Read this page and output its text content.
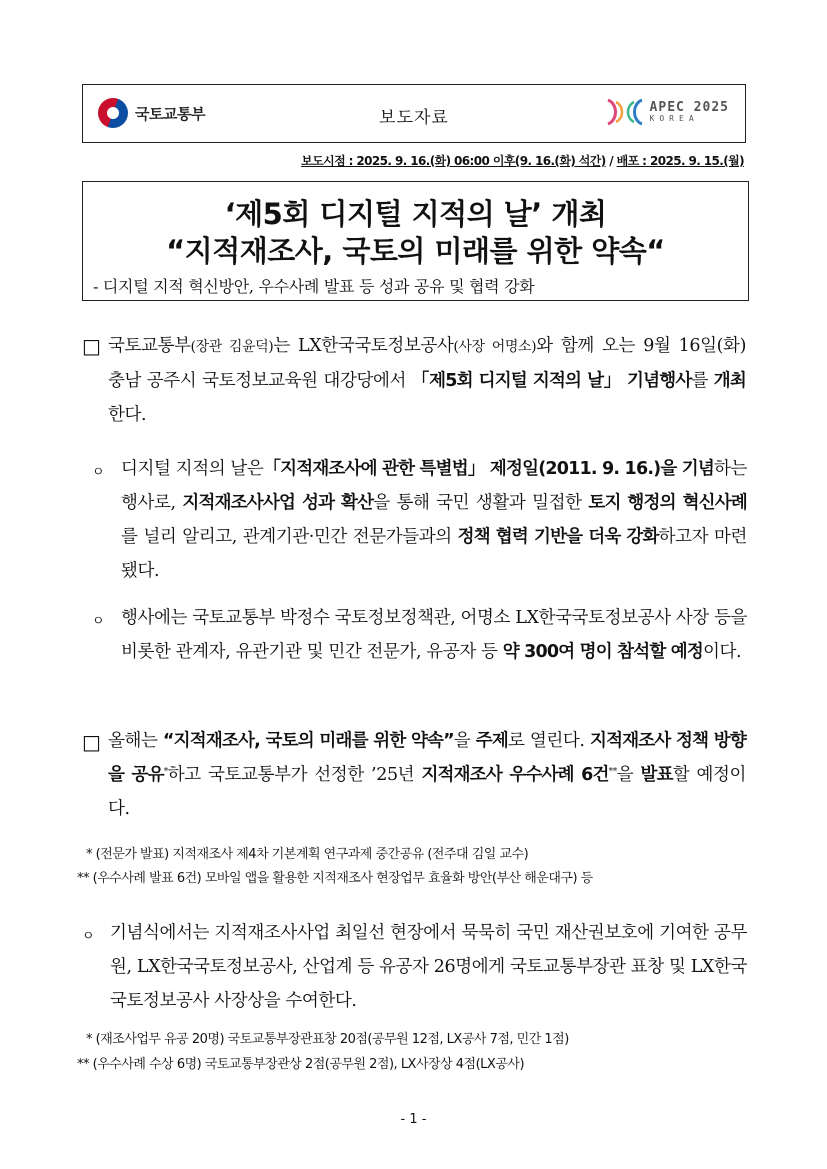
국토교통부	보도자료
APEC 2025
KOREA
보도시점 : 2025. 9. 16.(화) 06:00 이후(9. 16.(화) 석간) / 배포 : 2025. 9. 15.(월)
‘제5회 디지털 지적의 날’ 개최
“지적재조사, 국토의 미래를 위한 약속“
- 디지털 지적 혁신방안, 우수사례 발표 등 성과 공유 및 협력 강화
□ 국토교통부(장관 김윤덕)는 LX한국국토정보공사(사장 어명소)와 함께 오는 9월 16일(화) 충남 공주시 국토정보교육원 대강당에서 「제5회 디지털 지적의 날」 기념행사를 개최한다.
ㅇ 디지털 지적의 날은「지적재조사에 관한 특별법」 제정일(2011. 9. 16.)을 기념하는 행사로, 지적재조사사업 성과 확산을 통해 국민 생활과 밀접한 토지 행정의 혁신사례를 널리 알리고, 관계기관·민간 전문가들과의 정책 협력 기반을 더욱 강화하고자 마련됐다.
ㅇ 행사에는 국토교통부 박정수 국토정보정책관, 어명소 LX한국국토정보공사 사장 등을 비롯한 관계자, 유관기관 및 민간 전문가, 유공자 등 약 300여 명이 참석할 예정이다.
□ 올해는 “지적재조사, 국토의 미래를 위한 약속”을 주제로 열린다. 지적재조사 정책 방향을 공유*하고 국토교통부가 선정한 ’25년 지적재조사 우수사례 6건**을 발표할 예정이다.
* (전문가 발표) 지적재조사 제4차 기본계획 연구과제 중간공유 (전주대 김일 교수)
** (우수사례 발표 6건) 모바일 앱을 활용한 지적재조사 현장업무 효율화 방안(부산 해운대구) 등
ㅇ 기념식에서는 지적재조사사업 최일선 현장에서 묵묵히 국민 재산권보호에 기여한 공무원, LX한국국토정보공사, 산업계 등 유공자 26명에게 국토교통부장관 표창 및 LX한국국토정보공사 사장상을 수여한다.
* (재조사업무 유공 20명) 국토교통부장관표창 20점(공무원 12점, LX공사 7점, 민간 1점)
** (우수사례 수상 6명) 국토교통부장관상 2점(공무원 2점), LX사장상 4점(LX공사)
- 1 -
